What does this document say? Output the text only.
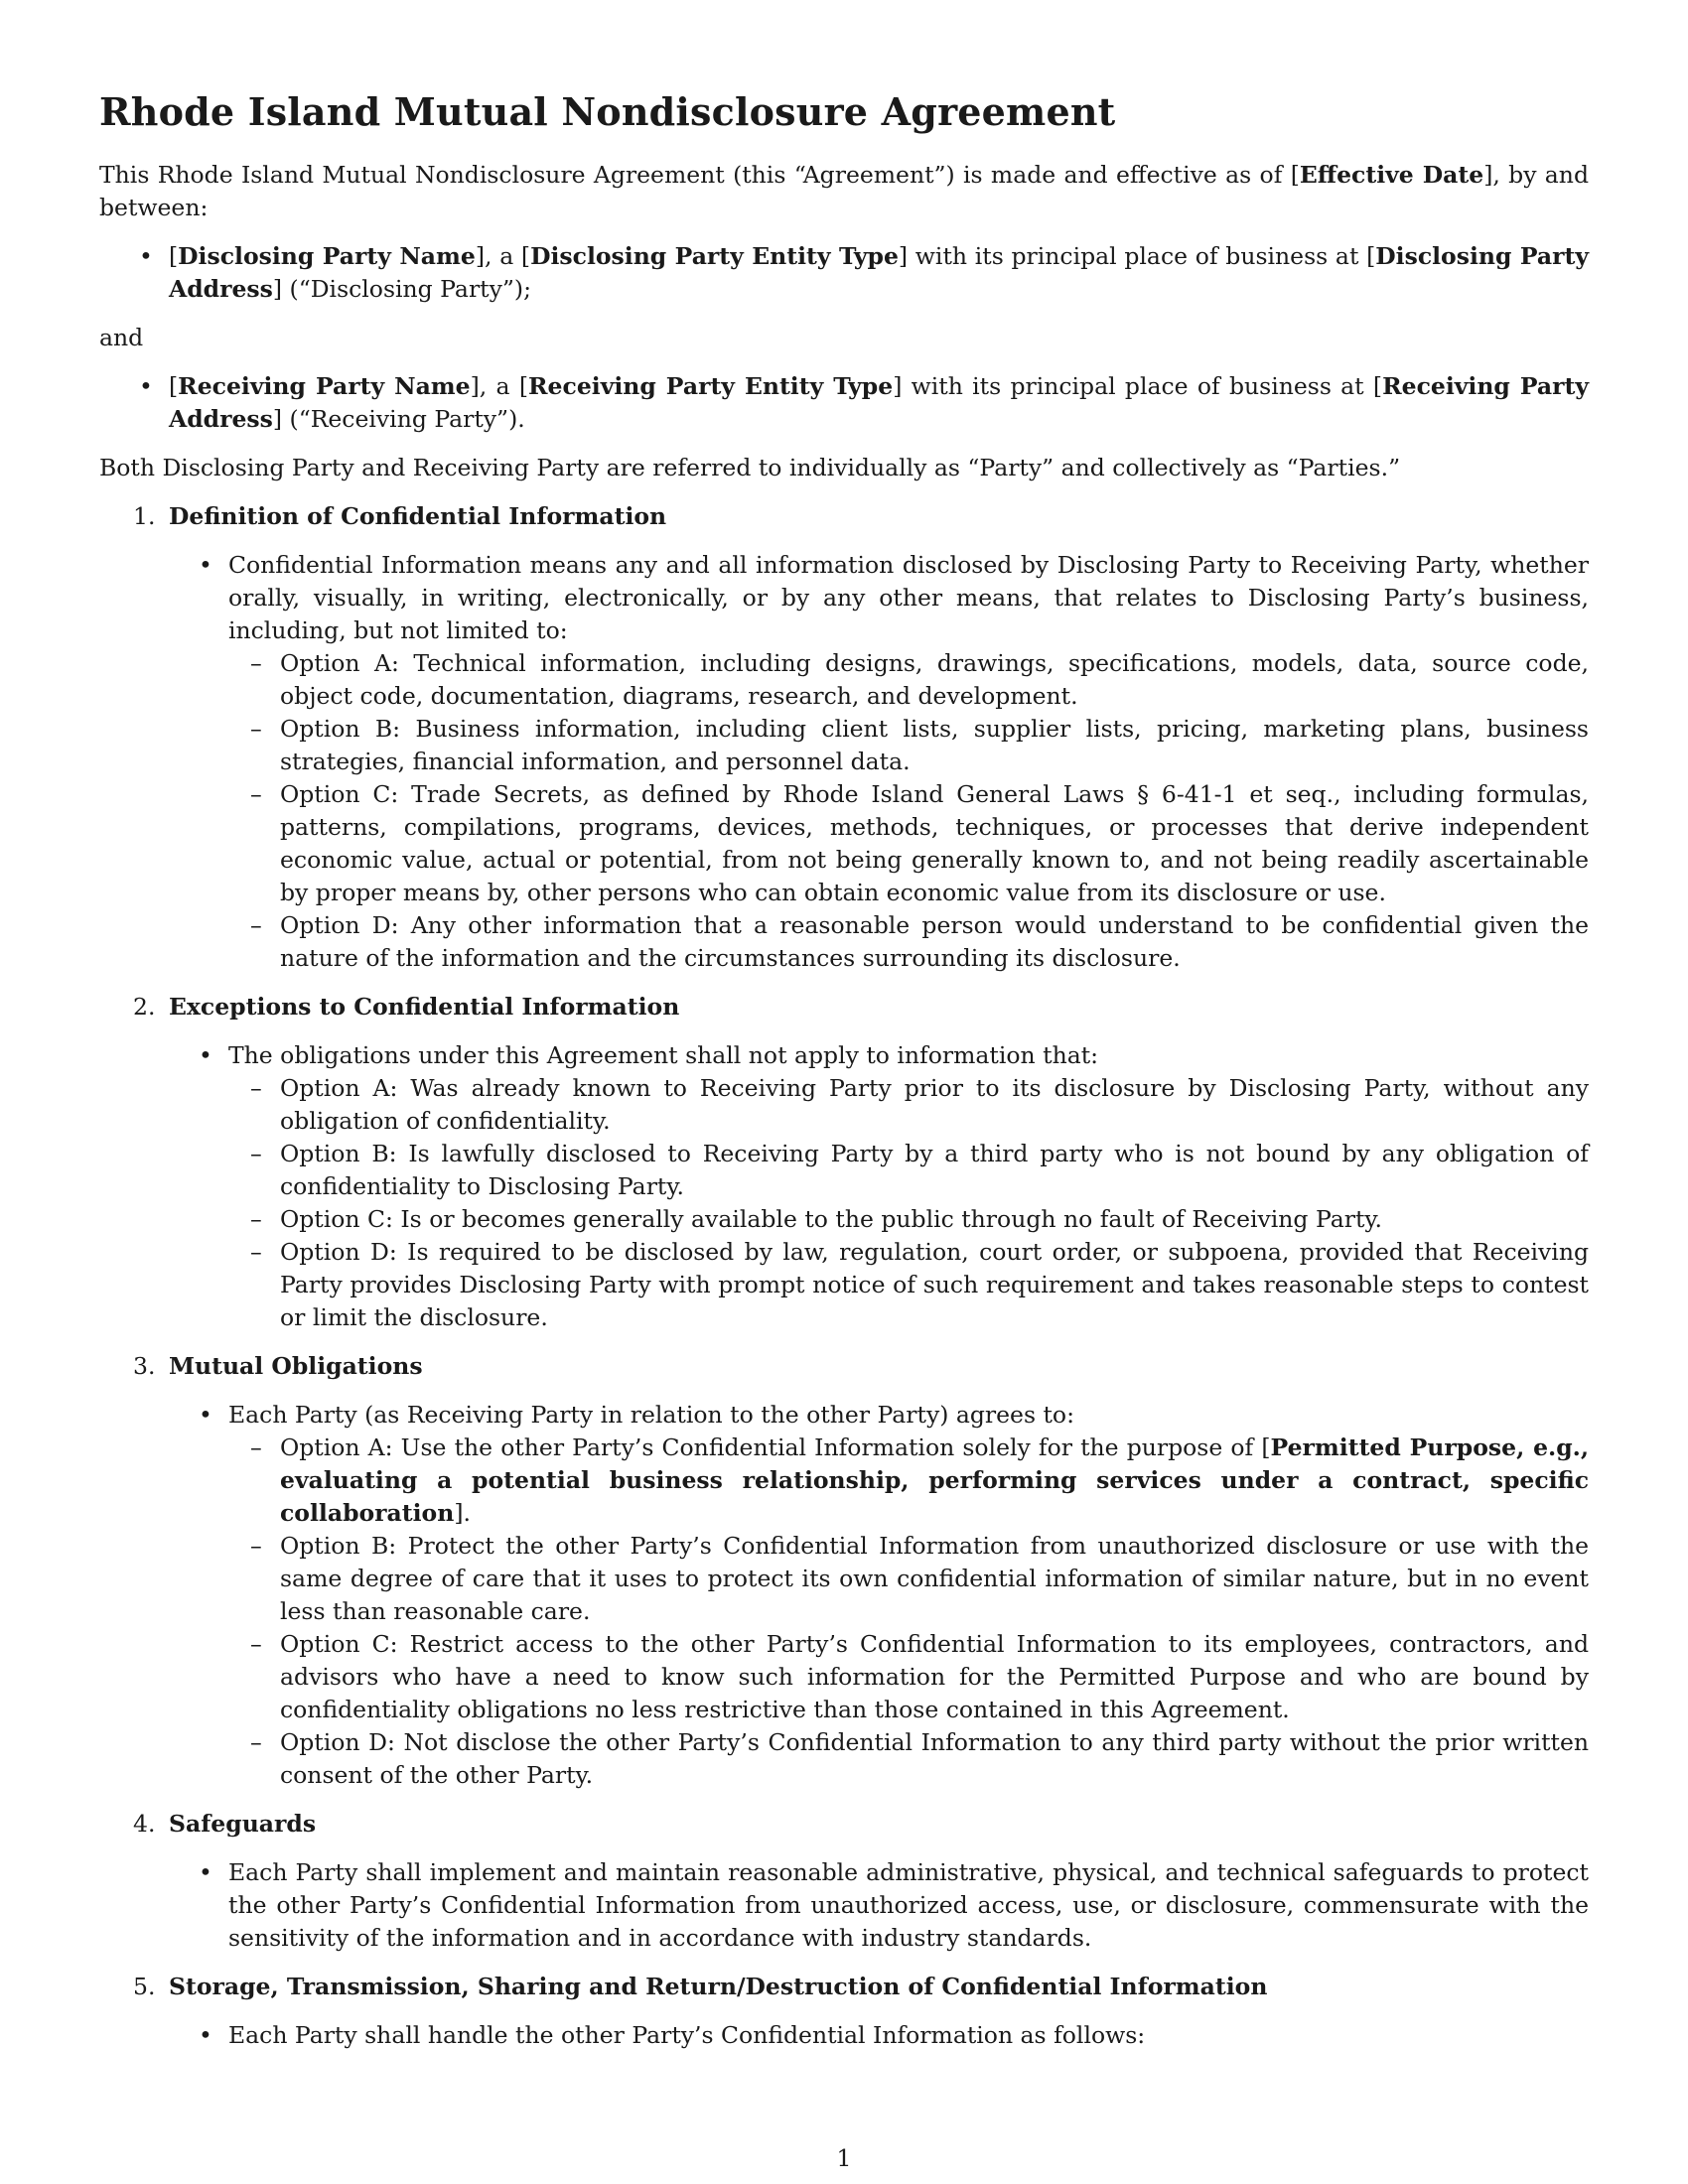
Rhode Island Mutual Nondisclosure Agreement

This Rhode Island Mutual Nondisclosure Agreement (this “Agreement”) is made and effective as of [Effective Date], by and between:

• [Disclosing Party Name], a [Disclosing Party Entity Type] with its principal place of business at [Disclosing Party Address] (“Disclosing Party”);
and
• [Receiving Party Name], a [Receiving Party Entity Type] with its principal place of business at [Receiving Party Address] (“Receiving Party”).

Both Disclosing Party and Receiving Party are referred to individually as “Party” and collectively as “Parties.”

1. Definition of Confidential Information
• Confidential Information means any and all information disclosed by Disclosing Party to Receiving Party, whether orally, visually, in writing, electronically, or by any other means, that relates to Disclosing Party’s business, including, but not limited to:
– Option A: Technical information, including designs, drawings, specifications, models, data, source code, object code, documentation, diagrams, research, and development.
– Option B: Business information, including client lists, supplier lists, pricing, marketing plans, business strategies, financial information, and personnel data.
– Option C: Trade Secrets, as defined by Rhode Island General Laws § 6-41-1 et seq., including formulas, patterns, compilations, programs, devices, methods, techniques, or processes that derive independent economic value, actual or potential, from not being generally known to, and not being readily ascertainable by proper means by, other persons who can obtain economic value from its disclosure or use.
– Option D: Any other information that a reasonable person would understand to be confidential given the nature of the information and the circumstances surrounding its disclosure.
2. Exceptions to Confidential Information
• The obligations under this Agreement shall not apply to information that:
– Option A: Was already known to Receiving Party prior to its disclosure by Disclosing Party, without any obligation of confidentiality.
– Option B: Is lawfully disclosed to Receiving Party by a third party who is not bound by any obligation of confidentiality to Disclosing Party.
– Option C: Is or becomes generally available to the public through no fault of Receiving Party.
– Option D: Is required to be disclosed by law, regulation, court order, or subpoena, provided that Receiving Party provides Disclosing Party with prompt notice of such requirement and takes reasonable steps to contest or limit the disclosure.
3. Mutual Obligations
• Each Party (as Receiving Party in relation to the other Party) agrees to:
– Option A: Use the other Party’s Confidential Information solely for the purpose of [Permitted Purpose, e.g., evaluating a potential business relationship, performing services under a contract, specific collaboration].
– Option B: Protect the other Party’s Confidential Information from unauthorized disclosure or use with the same degree of care that it uses to protect its own confidential information of similar nature, but in no event less than reasonable care.
– Option C: Restrict access to the other Party’s Confidential Information to its employees, contractors, and advisors who have a need to know such information for the Permitted Purpose and who are bound by confidentiality obligations no less restrictive than those contained in this Agreement.
– Option D: Not disclose the other Party’s Confidential Information to any third party without the prior written consent of the other Party.
4. Safeguards
• Each Party shall implement and maintain reasonable administrative, physical, and technical safeguards to protect the other Party’s Confidential Information from unauthorized access, use, or disclosure, commensurate with the sensitivity of the information and in accordance with industry standards.
5. Storage, Transmission, Sharing and Return/Destruction of Confidential Information
• Each Party shall handle the other Party’s Confidential Information as follows:
1
